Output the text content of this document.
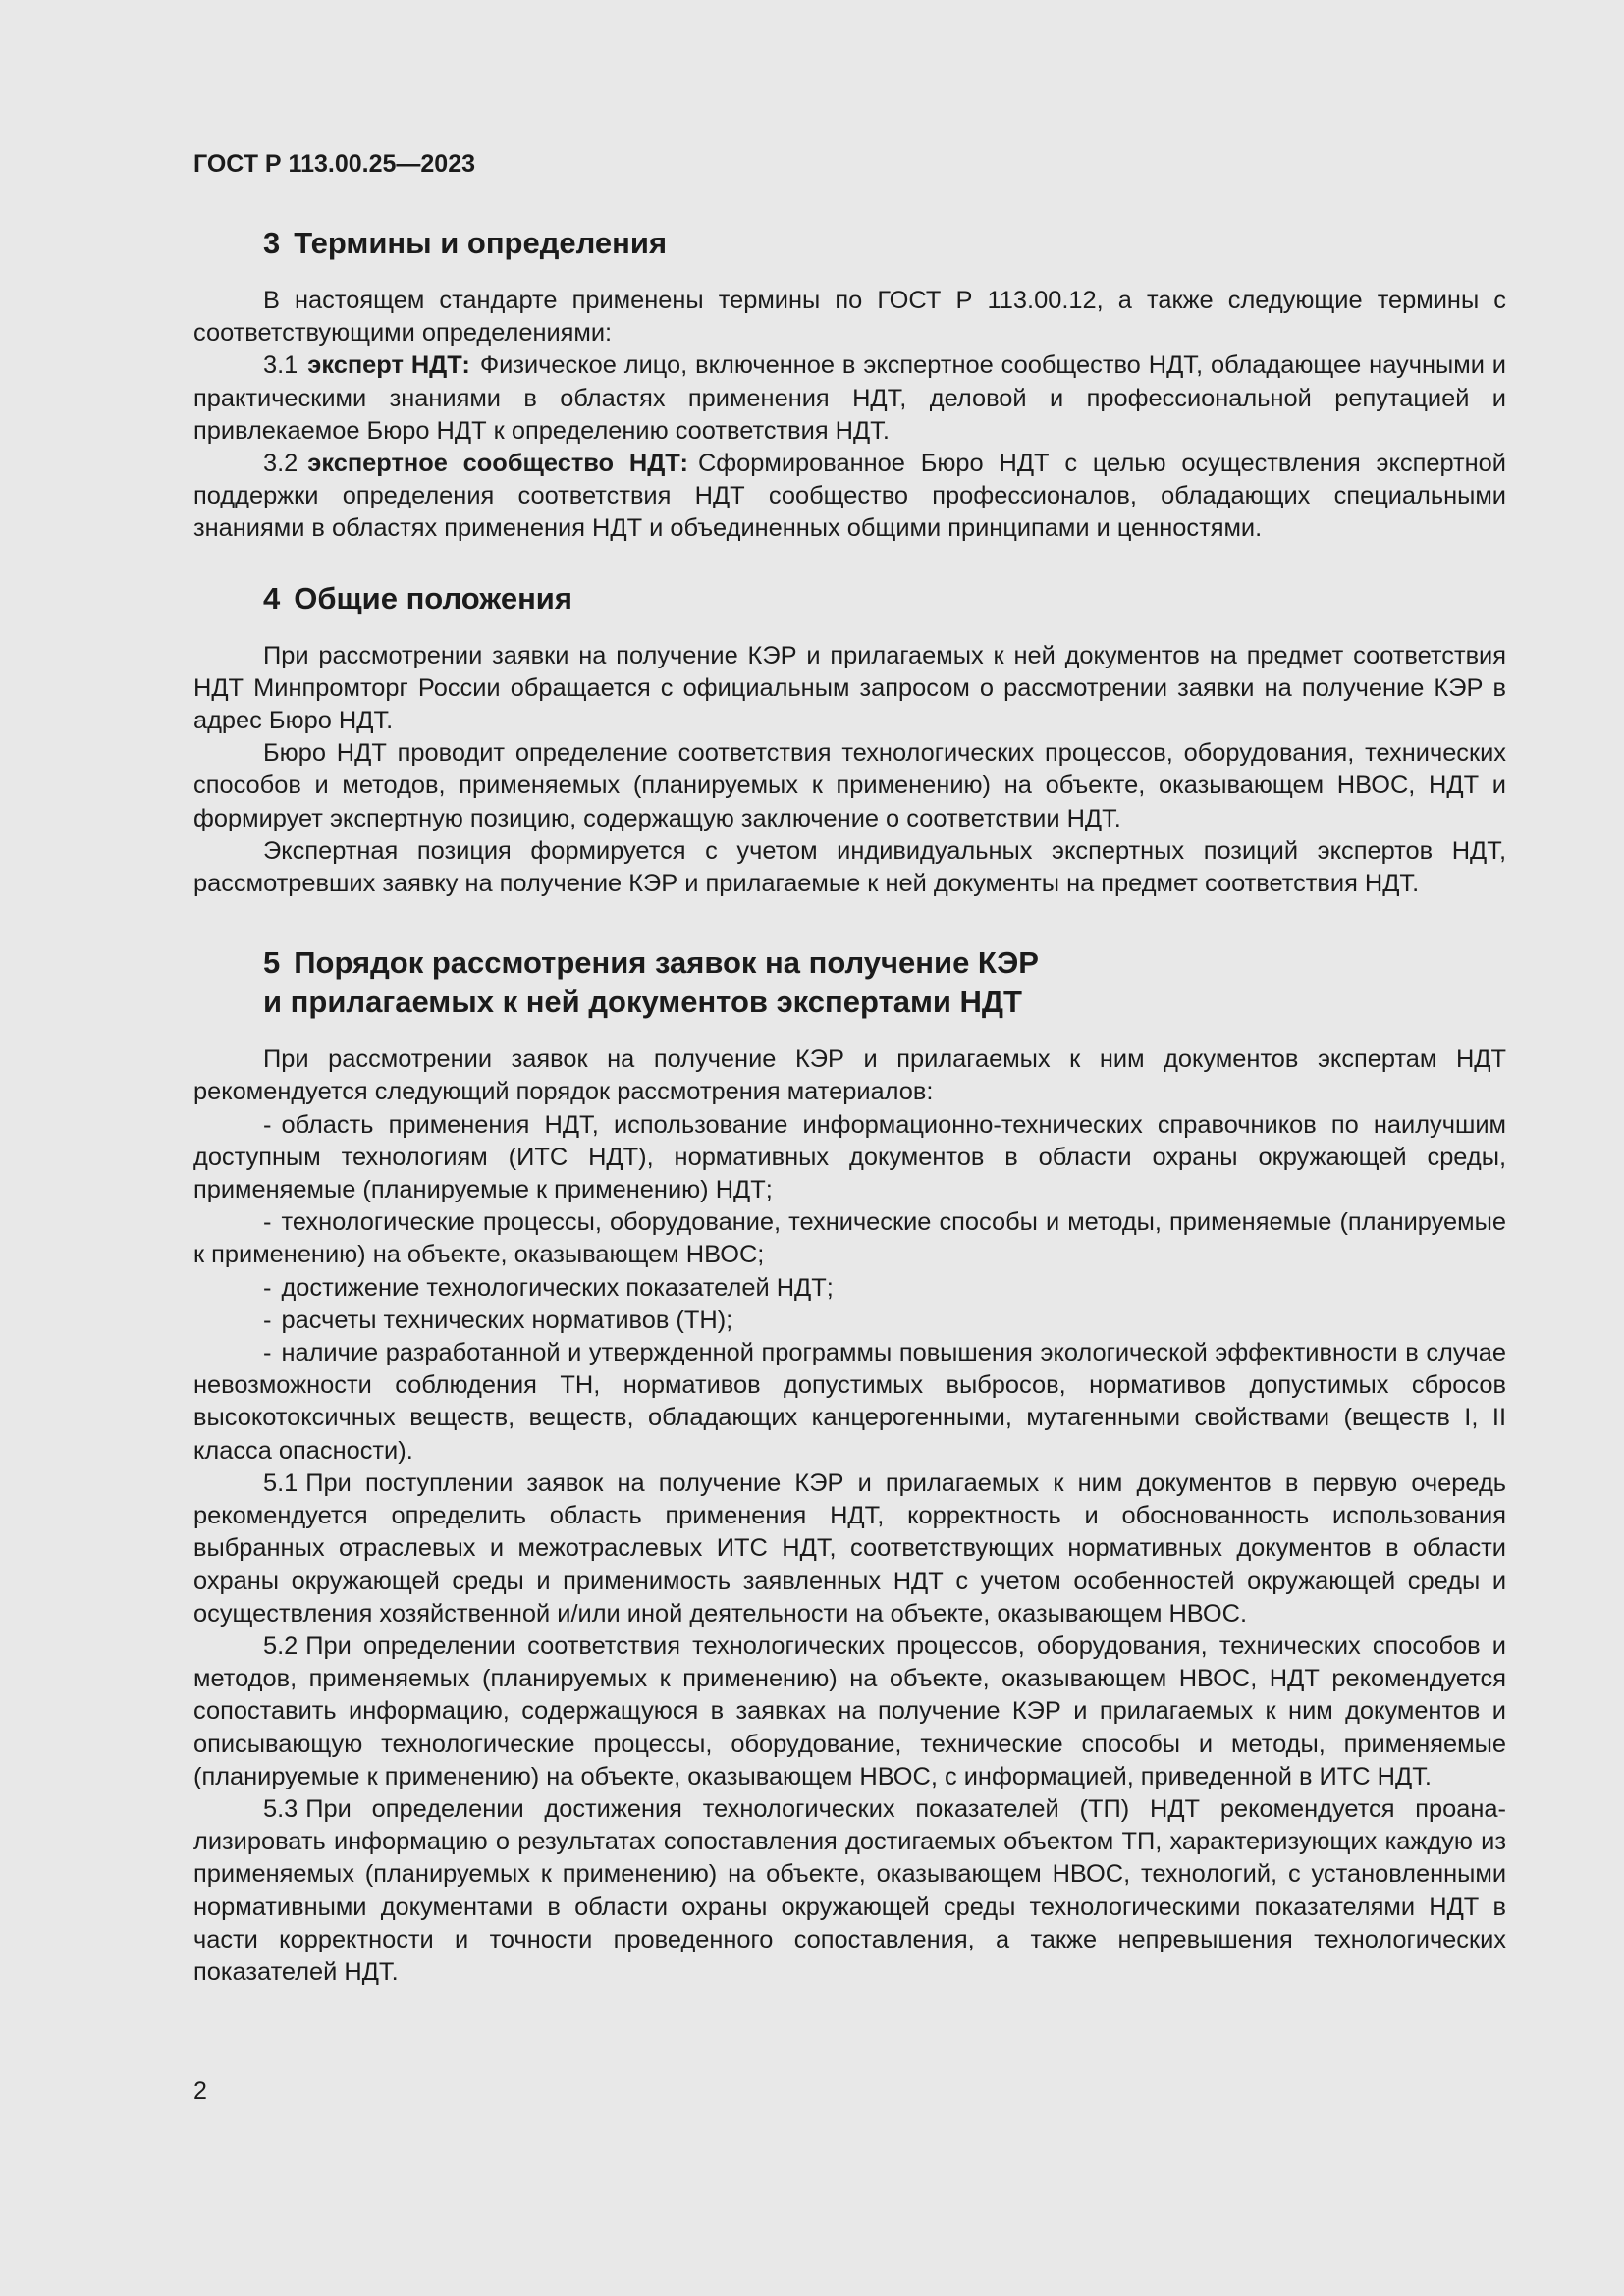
ГОСТ Р 113.00.25—2023
3 Термины и определения

В настоящем стандарте применены термины по ГОСТ Р 113.00.12, а также следующие термины с соответствующими определениями:

3.1 эксперт НДТ: Физическое лицо, включенное в экспертное сообщество НДТ, обладающее научными и практическими знаниями в областях применения НДТ, деловой и профессиональной репутацией и привлекаемое Бюро НДТ к определению соответствия НДТ.

3.2 экспертное сообщество НДТ: Сформированное Бюро НДТ с целью осуществления экспертной поддержки определения соответствия НДТ сообщество профессионалов, обладающих специальными знаниями в областях применения НДТ и объединенных общими принципами и ценностями.

4 Общие положения

При рассмотрении заявки на получение КЭР и прилагаемых к ней документов на предмет соответствия НДТ Минпромторг России обращается с официальным запросом о рассмотрении заявки на получение КЭР в адрес Бюро НДТ.

Бюро НДТ проводит определение соответствия технологических процессов, оборудования, технических способов и методов, применяемых (планируемых к применению) на объекте, оказывающем НВОС, НДТ и формирует экспертную позицию, содержащую заключение о соответствии НДТ.

Экспертная позиция формируется с учетом индивидуальных экспертных позиций экспертов НДТ, рассмотревших заявку на получение КЭР и прилагаемые к ней документы на предмет соответствия НДТ.

5 Порядок рассмотрения заявок на получение КЭР
и прилагаемых к ней документов экспертами НДТ

При рассмотрении заявок на получение КЭР и прилагаемых к ним документов экспертам НДТ рекомендуется следующий порядок рассмотрения материалов:

- область применения НДТ, использование информационно-технических справочников по наилучшим доступным технологиям (ИТС НДТ), нормативных документов в области охраны окружающей среды, применяемые (планируемые к применению) НДТ;

- технологические процессы, оборудование, технические способы и методы, применяемые (планируемые к применению) на объекте, оказывающем НВОС;

- достижение технологических показателей НДТ;

- расчеты технических нормативов (ТН);

- наличие разработанной и утвержденной программы повышения экологической эффективности в случае невозможности соблюдения ТН, нормативов допустимых выбросов, нормативов допустимых сбросов высокотоксичных веществ, веществ, обладающих канцерогенными, мутагенными свойствами (веществ I, II класса опасности).

5.1 При поступлении заявок на получение КЭР и прилагаемых к ним документов в первую очередь рекомендуется определить область применения НДТ, корректность и обоснованность использования выбранных отраслевых и межотраслевых ИТС НДТ, соответствующих нормативных документов в области охраны окружающей среды и применимость заявленных НДТ с учетом особенностей окружающей среды и осуществления хозяйственной и/или иной деятельности на объекте, оказывающем НВОС.

5.2 При определении соответствия технологических процессов, оборудования, технических способов и методов, применяемых (планируемых к применению) на объекте, оказывающем НВОС, НДТ рекомендуется сопоставить информацию, содержащуюся в заявках на получение КЭР и прилагаемых к ним документов и описывающую технологические процессы, оборудование, технические способы и методы, применяемые (планируемые к применению) на объекте, оказывающем НВОС, с информацией, приведенной в ИТС НДТ.

5.3 При определении достижения технологических показателей (ТП) НДТ рекомендуется проанализировать информацию о результатах сопоставления достигаемых объектом ТП, характеризующих каждую из применяемых (планируемых к применению) на объекте, оказывающем НВОС, технологий, с установленными нормативными документами в области охраны окружающей среды технологическими показателями НДТ в части корректности и точности проведенного сопоставления, а также непревышения технологических показателей НДТ.

2
